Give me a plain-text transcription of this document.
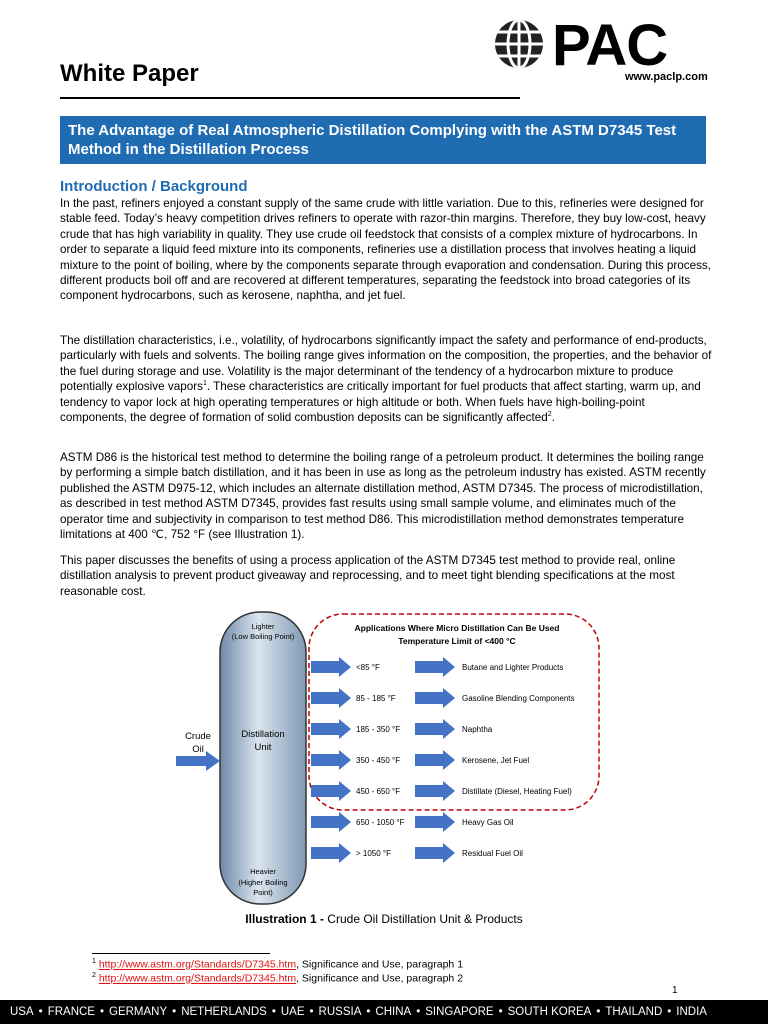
White Paper	PAC
www.paclp.com
The Advantage of Real Atmospheric Distillation Complying with the ASTM D7345 Test Method in the Distillation Process
Introduction / Background
In the past, refiners enjoyed a constant supply of the same crude with little variation. Due to this, refineries were designed for stable feed. Today’s heavy competition drives refiners to operate with razor-thin margins. Therefore, they buy low-cost, heavy crude that has high variability in quality. They use crude oil feedstock that consists of a complex mixture of hydrocarbons. In order to separate a liquid feed mixture into its components, refineries use a distillation process that involves heating a liquid mixture to the point of boiling, where by the components separate through evaporation and condensation. During this process, different products boil off and are recovered at different temperatures, separating the feedstock into broad categories of its component hydrocarbons, such as kerosene, naphtha, and jet fuel.
The distillation characteristics, i.e., volatility, of hydrocarbons significantly impact the safety and performance of end-products, particularly with fuels and solvents. The boiling range gives information on the composition, the properties, and the behavior of the fuel during storage and use. Volatility is the major determinant of the tendency of a hydrocarbon mixture to produce potentially explosive vapors$^1$. These characteristics are critically important for fuel products that affect starting, warm up, and tendency to vapor lock at high operating temperatures or high altitude or both. When fuels have high-boiling-point components, the degree of formation of solid combustion deposits can be significantly affected$^2$.
ASTM D86 is the historical test method to determine the boiling range of a petroleum product. It determines the boiling range by performing a simple batch distillation, and it has been in use as long as the petroleum industry has existed. ASTM recently published the ASTM D975-12, which includes an alternate distillation method, ASTM D7345. The process of microdistillation, as described in test method ASTM D7345, provides fast results using small sample volume, and eliminates much of the operator time and subjectivity in comparison to test method D86. This microdistillation method demonstrates temperature limitations at 400 ℃, 752 °F (see Illustration 1).
This paper discusses the benefits of using a process application of the ASTM D7345 test method to provide real, online distillation analysis to prevent product giveaway and reprocessing, and to meet tight blending specifications at the most reasonable cost.
Lighter
(Low Boiling Point)
Distillation
Unit
Heavier
(Higher Boiling
Point)
Crude
Oil
Applications Where Micro Distillation Can Be Used
Temperature Limit of <400 °C
<85 °F	Butane and Lighter Products
85 - 185 °F	Gasoline Blending Components
185 - 350 °F	Naphtha
350 - 450 °F	Kerosene, Jet Fuel
450 - 650 °F	Distillate (Diesel, Heating Fuel)
650 - 1050 °F	Heavy Gas Oil
> 1050 °F	Residual Fuel Oil
Illustration 1 - Crude Oil Distillation Unit & Products
$^1$ http://www.astm.org/Standards/D7345.htm, Significance and Use, paragraph 1
$^2$ http://www.astm.org/Standards/D7345.htm, Significance and Use, paragraph 2
1
USA • FRANCE • GERMANY • NETHERLANDS • UAE • RUSSIA • CHINA • SINGAPORE • SOUTH KOREA • THAILAND • INDIA
